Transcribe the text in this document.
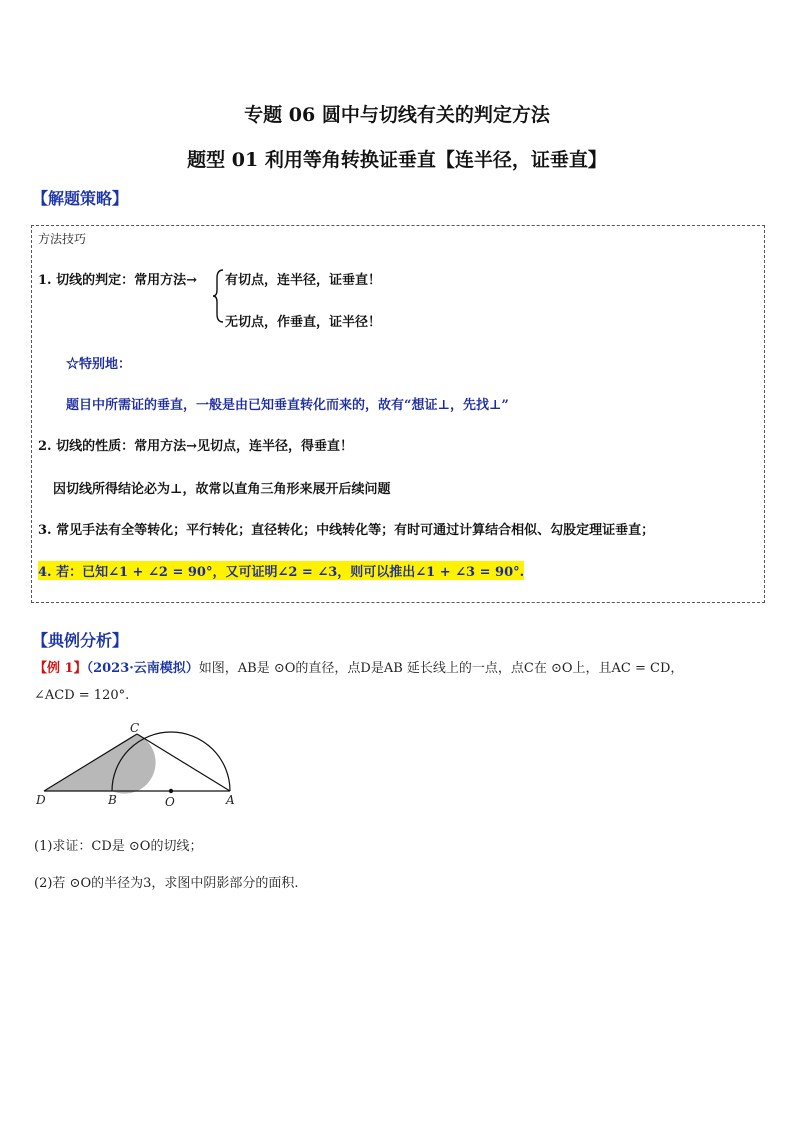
专题 06 圆中与切线有关的判定方法
题型 01 利用等角转换证垂直【连半径，证垂直】
【解题策略】
方法技巧
1. 切线的判定：常用方法→ 有切点，连半径，证垂直！
无切点，作垂直，证半径！
☆特别地：
题目中所需证的垂直，一般是由已知垂直转化而来的，故有“想证⊥，先找⊥”
2. 切线的性质：常用方法→见切点，连半径，得垂直！
因切线所得结论必为⊥，故常以直角三角形来展开后续问题
3. 常见手法有全等转化；平行转化；直径转化；中线转化等；有时可通过计算结合相似、勾股定理证垂直；
4. 若：已知∠1 + ∠2 = 90°，又可证明∠2 = ∠3，则可以推出∠1 + ∠3 = 90°.
【典例分析】
【例 1】（2023·云南模拟）如图，AB是 ⊙O的直径，点D是AB 延长线上的一点，点C在 ⊙O上，且AC = CD，
∠ACD = 120°.
C
D	B	O	A
(1)求证：CD是 ⊙O的切线；
(2)若 ⊙O的半径为3，求图中阴影部分的面积.
